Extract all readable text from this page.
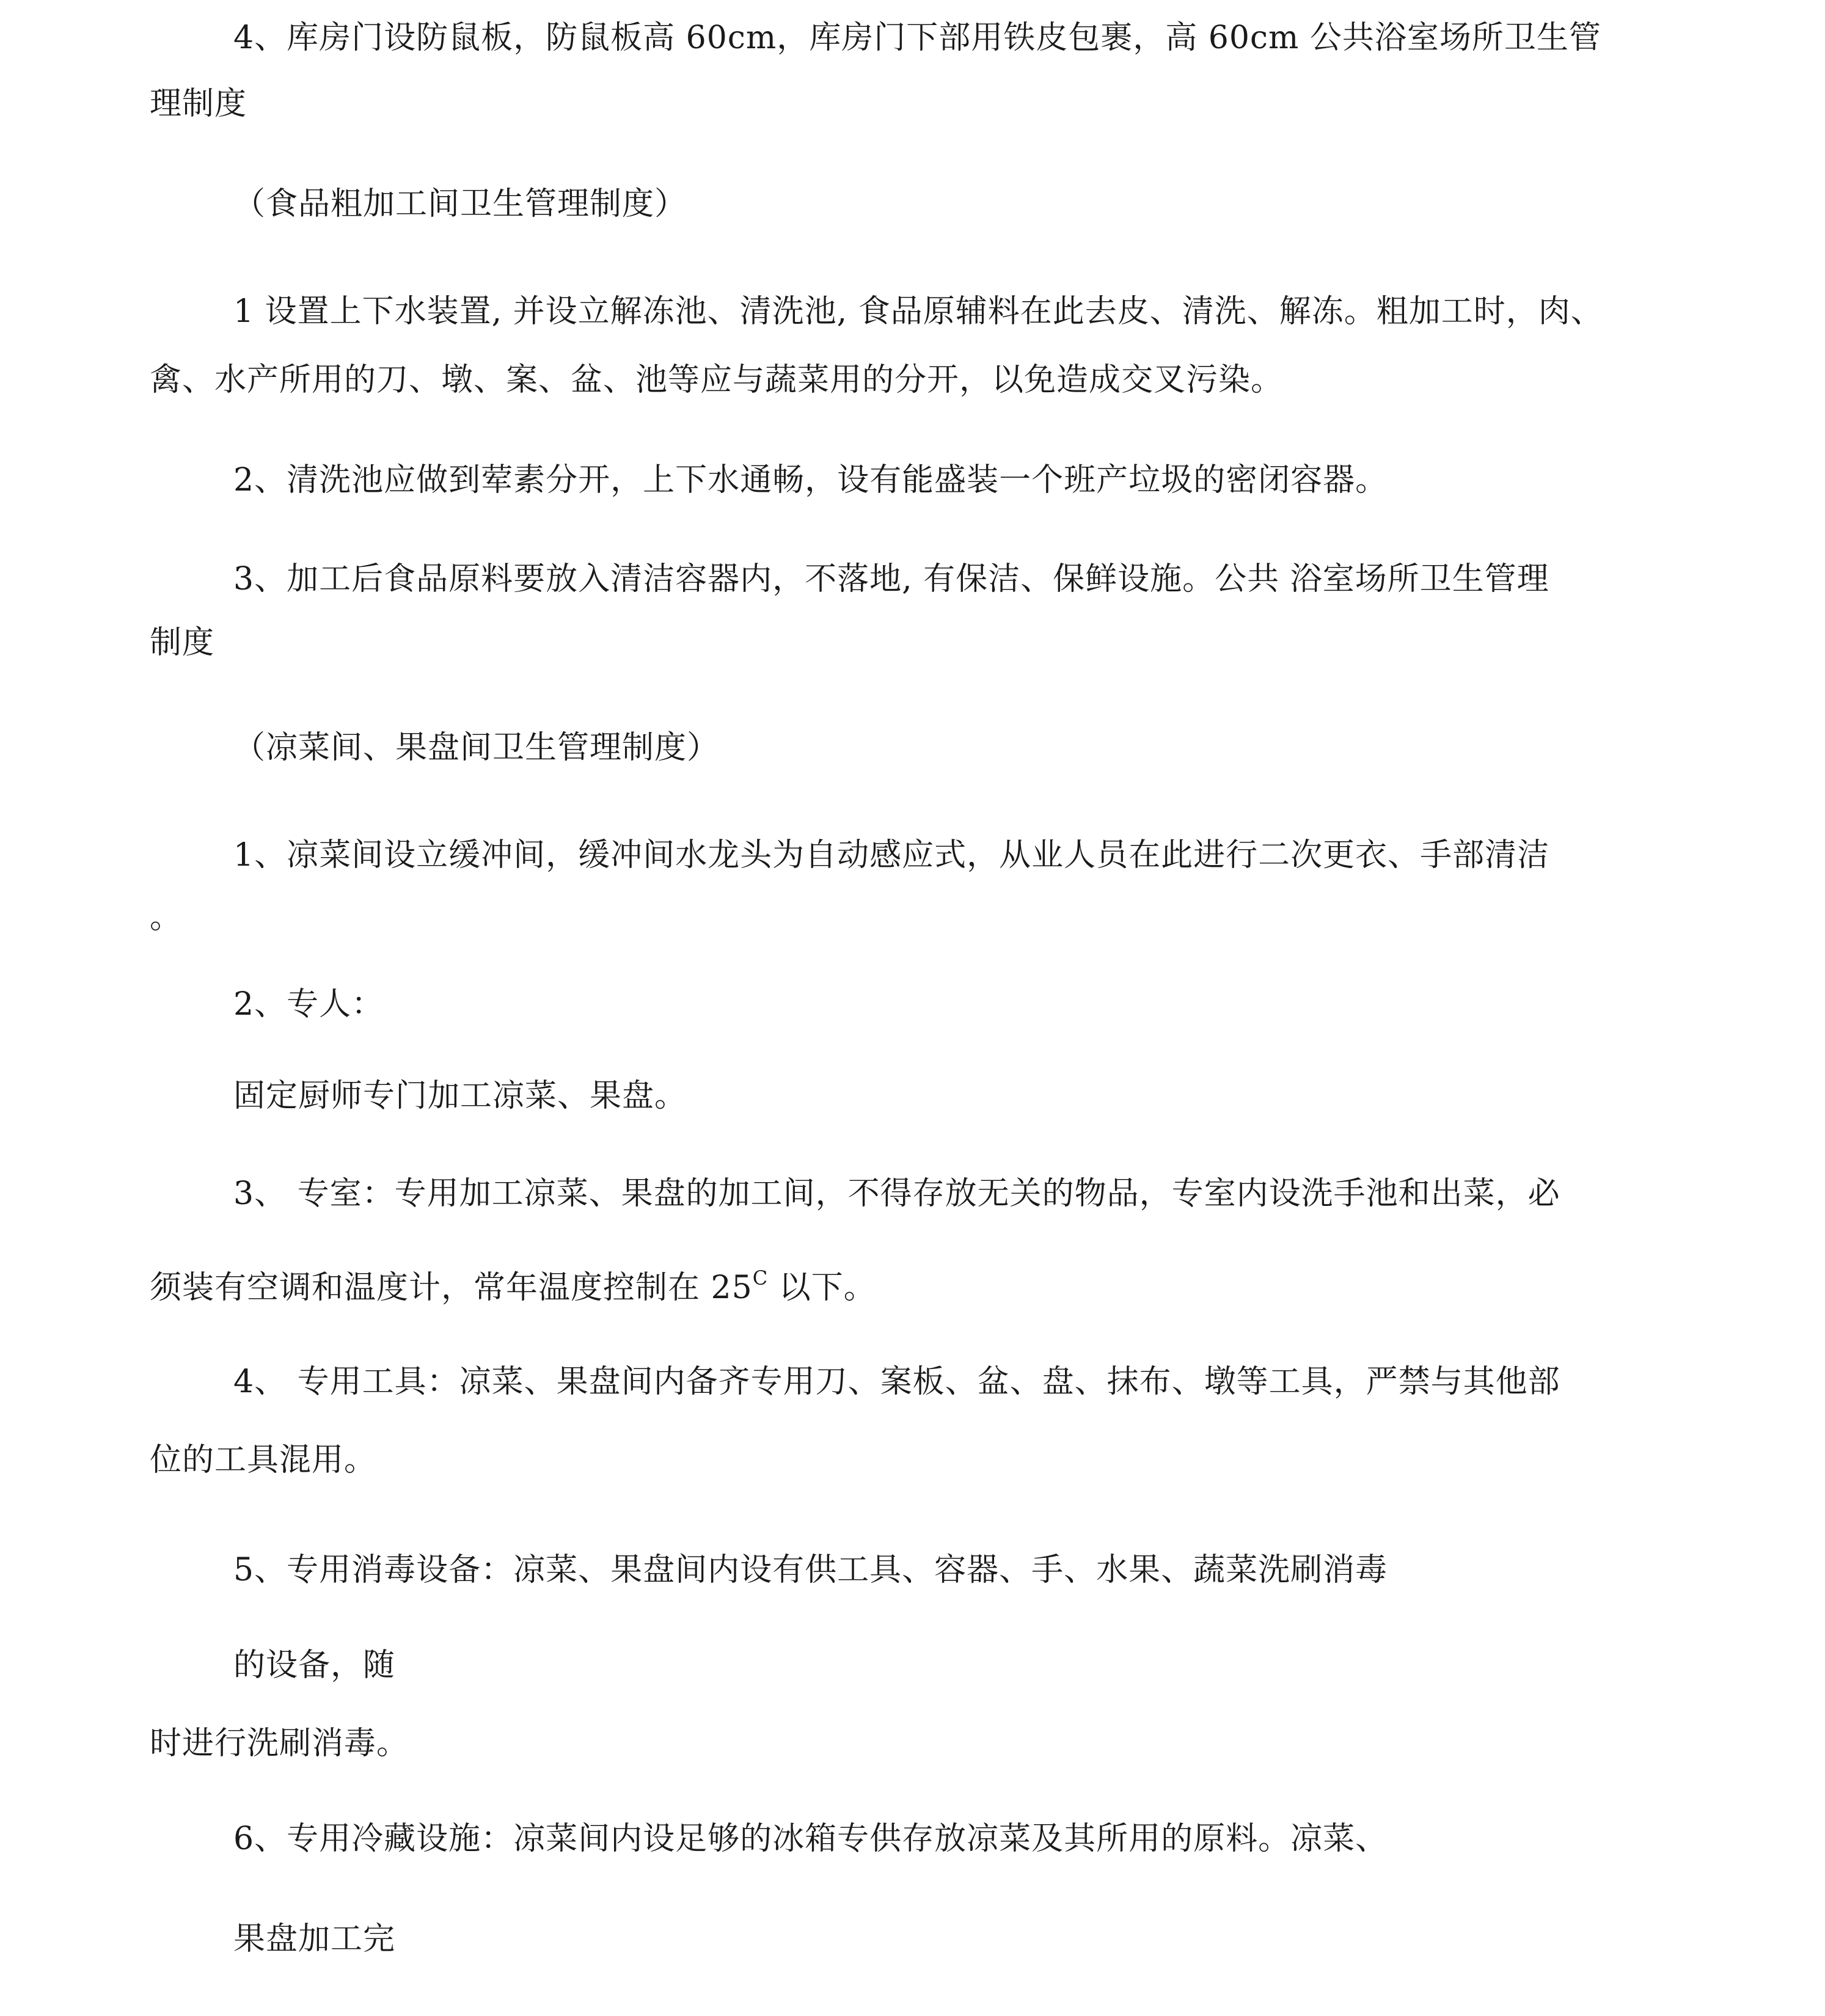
4、库房门设防鼠板，防鼠板高 60cm，库房门下部用铁皮包裹，高 60cm 公共浴室场所卫生管
理制度
（食品粗加工间卫生管理制度）
1 设置上下水装置, 并设立解冻池、清洗池, 食品原辅料在此去皮、清洗、解冻。粗加工时，肉、
禽、水产所用的刀、墩、案、盆、池等应与蔬菜用的分开，以免造成交叉污染。
2、清洗池应做到荤素分开，上下水通畅，设有能盛装一个班产垃圾的密闭容器。
3、加工后食品原料要放入清洁容器内，不落地, 有保洁、保鲜设施。公共 浴室场所卫生管理
制度
（凉菜间、果盘间卫生管理制度）
1、凉菜间设立缓冲间，缓冲间水龙头为自动感应式，从业人员在此进行二次更衣、手部清洁
。
2、专人：
固定厨师专门加工凉菜、果盘。
3、 专室：专用加工凉菜、果盘的加工间，不得存放无关的物品，专室内设洗手池和出菜，必
须装有空调和温度计，常年温度控制在 $25^C$ 以下。
4、 专用工具：凉菜、果盘间内备齐专用刀、案板、盆、盘、抹布、墩等工具，严禁与其他部
位的工具混用。
5、专用消毒设备：凉菜、果盘间内设有供工具、容器、手、水果、蔬菜洗刷消毒
的设备，随
时进行洗刷消毒。
6、专用冷藏设施：凉菜间内设足够的冰箱专供存放凉菜及其所用的原料。凉菜、
果盘加工完
